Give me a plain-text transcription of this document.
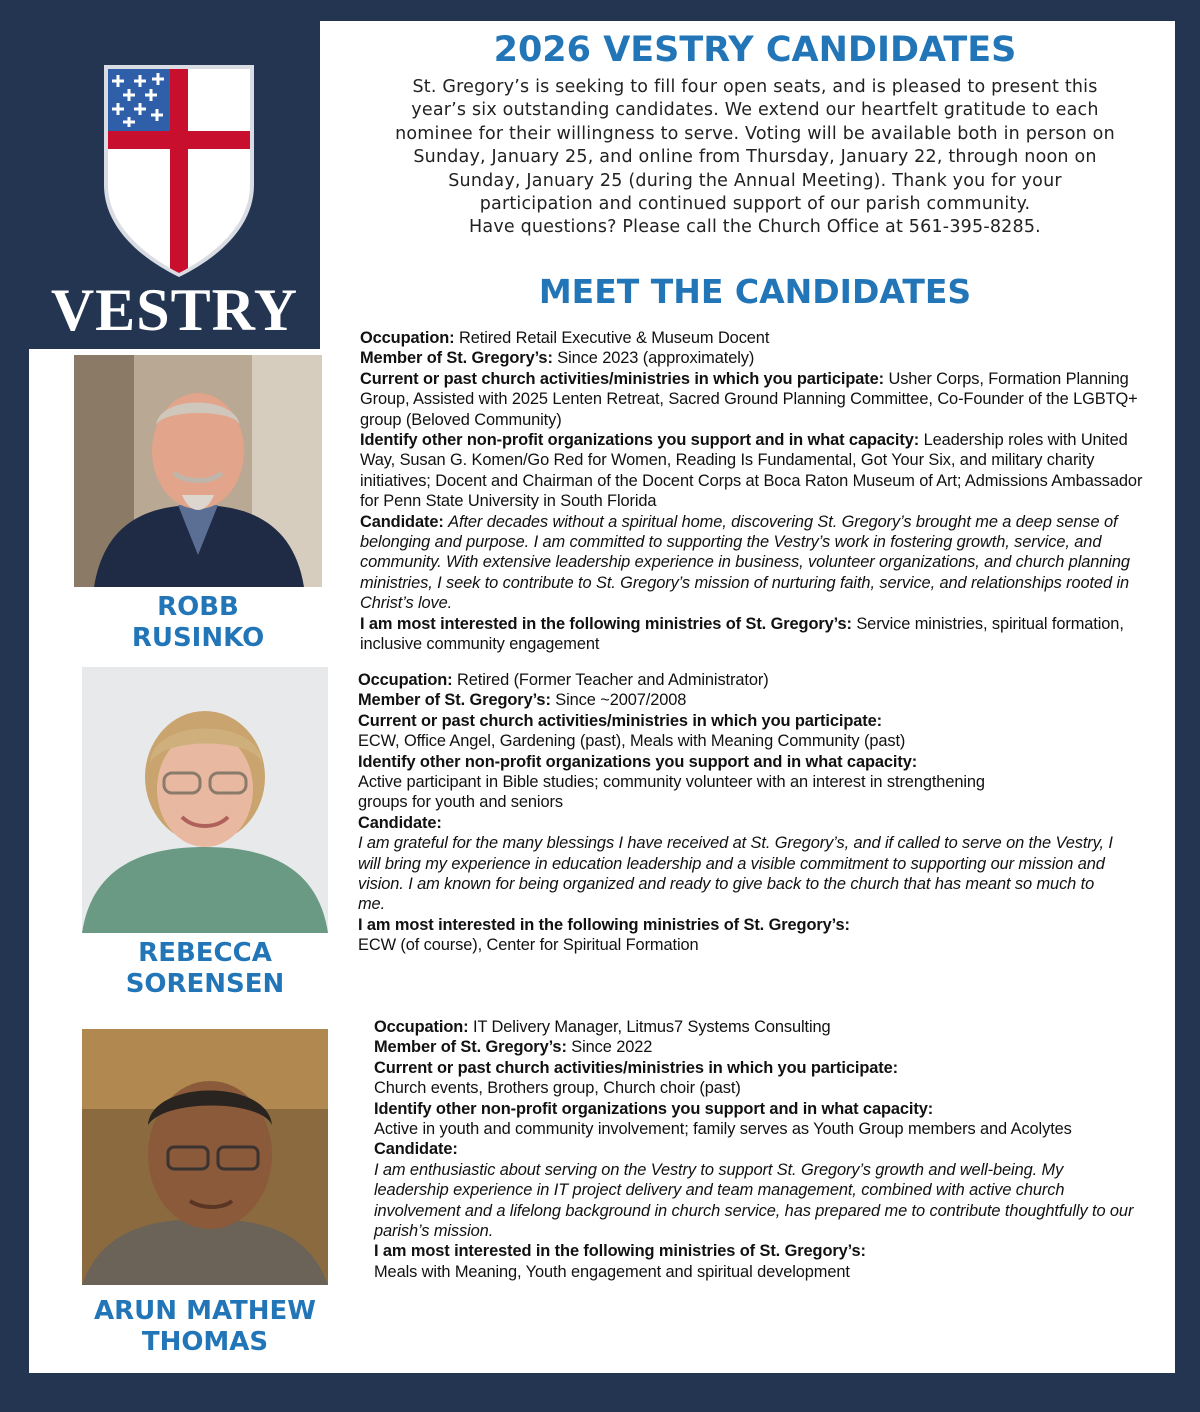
VESTRY
2026 VESTRY CANDIDATES
St. Gregory’s is seeking to fill four open seats, and is pleased to present this
year’s six outstanding candidates. We extend our heartfelt gratitude to each
nominee for their willingness to serve. Voting will be available both in person on
Sunday, January 25, and online from Thursday, January 22, through noon on
Sunday, January 25 (during the Annual Meeting). Thank you for your
participation and continued support of our parish community.
Have questions? Please call the Church Office at 561-395-8285.
MEET THE CANDIDATES
ROBB
RUSINKO

Occupation: Retired Retail Executive & Museum Docent

Member of St. Gregory’s: Since 2023 (approximately)

Current or past church activities/ministries in which you participate: Usher Corps, Formation Planning Group, Assisted with 2025 Lenten Retreat, Sacred Ground Planning Committee, Co-Founder of the LGBTQ+ group (Beloved Community)

Identify other non-profit organizations you support and in what capacity: Leadership roles with United Way, Susan G. Komen/Go Red for Women, Reading Is Fundamental, Got Your Six, and military charity initiatives; Docent and Chairman of the Docent Corps at Boca Raton Museum of Art; Admissions Ambassador for Penn State University in South Florida

Candidate: After decades without a spiritual home, discovering St. Gregory’s brought me a deep sense of belonging and purpose. I am committed to supporting the Vestry’s work in fostering growth, service, and community. With extensive leadership experience in business, volunteer organizations, and church planning ministries, I seek to contribute to St. Gregory’s mission of nurturing faith, service, and relationships rooted in Christ’s love.

I am most interested in the following ministries of St. Gregory’s: Service ministries, spiritual formation, inclusive community engagement

REBECCA
SORENSEN

Occupation: Retired (Former Teacher and Administrator)

Member of St. Gregory’s: Since ~2007/2008

Current or past church activities/ministries in which you participate:

ECW, Office Angel, Gardening (past), Meals with Meaning Community (past)

Identify other non-profit organizations you support and in what capacity:

Active participant in Bible studies; community volunteer with an interest in strengthening groups for youth and seniors

Candidate:

I am grateful for the many blessings I have received at St. Gregory’s, and if called to serve on the Vestry, I will bring my experience in education leadership and a visible commitment to supporting our mission and vision. I am known for being organized and ready to give back to the church that has meant so much to me.

I am most interested in the following ministries of St. Gregory’s:

ECW (of course), Center for Spiritual Formation

ARUN MATHEW
THOMAS

Occupation: IT Delivery Manager, Litmus7 Systems Consulting

Member of St. Gregory’s: Since 2022

Current or past church activities/ministries in which you participate:

Church events, Brothers group, Church choir (past)

Identify other non-profit organizations you support and in what capacity:

Active in youth and community involvement; family serves as Youth Group members and Acolytes

Candidate:

I am enthusiastic about serving on the Vestry to support St. Gregory’s growth and well-being. My leadership experience in IT project delivery and team management, combined with active church involvement and a lifelong background in church service, has prepared me to contribute thoughtfully to our parish’s mission.

I am most interested in the following ministries of St. Gregory’s:

Meals with Meaning, Youth engagement and spiritual development
